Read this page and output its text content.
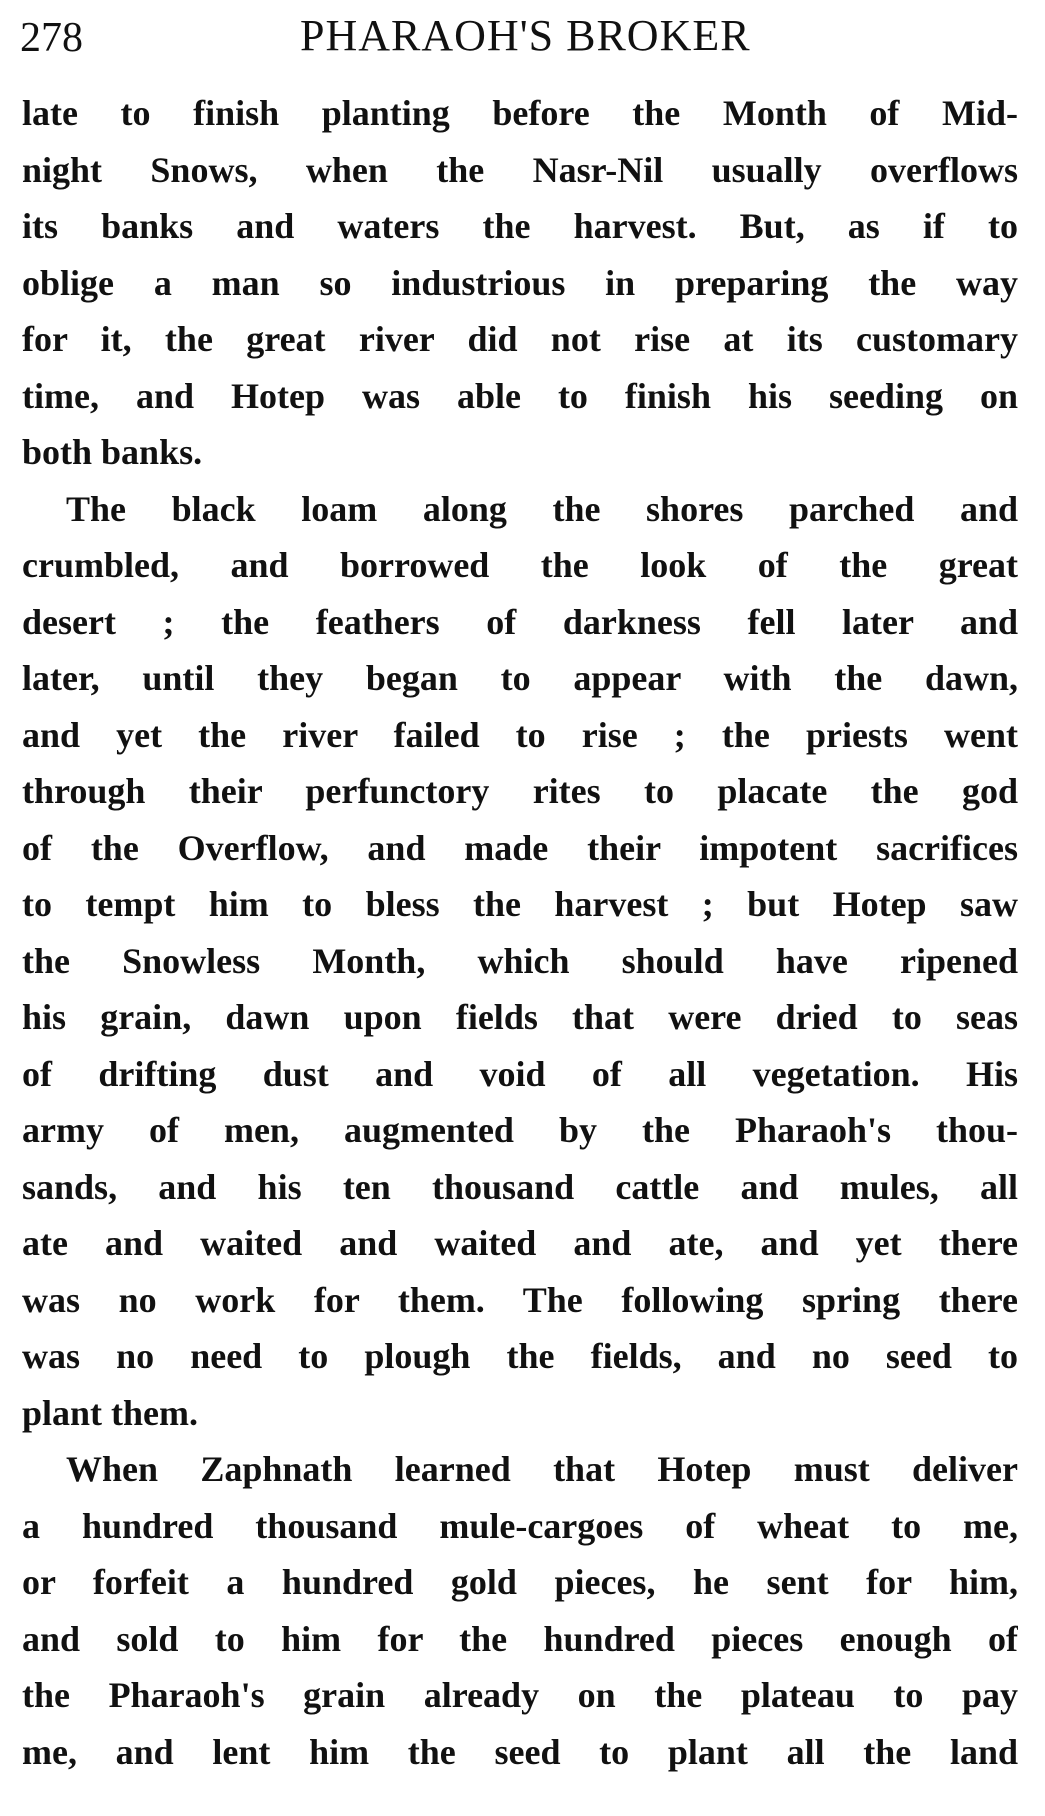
278	PHARAOH'S BROKER
late to finish planting before the Month of Mid-
night Snows, when the Nasr-Nil usually overflows
its banks and waters the harvest. But, as if to
oblige a man so industrious in preparing the way
for it, the great river did not rise at its customary
time, and Hotep was able to finish his seeding on
both banks.
The black loam along the shores parched and
crumbled, and borrowed the look of the great
desert ; the feathers of darkness fell later and
later, until they began to appear with the dawn,
and yet the river failed to rise ; the priests went
through their perfunctory rites to placate the god
of the Overflow, and made their impotent sacrifices
to tempt him to bless the harvest ; but Hotep saw
the Snowless Month, which should have ripened
his grain, dawn upon fields that were dried to seas
of drifting dust and void of all vegetation. His
army of men, augmented by the Pharaoh's thou-
sands, and his ten thousand cattle and mules, all
ate and waited and waited and ate, and yet there
was no work for them. The following spring there
was no need to plough the fields, and no seed to
plant them.
When Zaphnath learned that Hotep must deliver
a hundred thousand mule-cargoes of wheat to me,
or forfeit a hundred gold pieces, he sent for him,
and sold to him for the hundred pieces enough of
the Pharaoh's grain already on the plateau to pay
me, and lent him the seed to plant all the land
